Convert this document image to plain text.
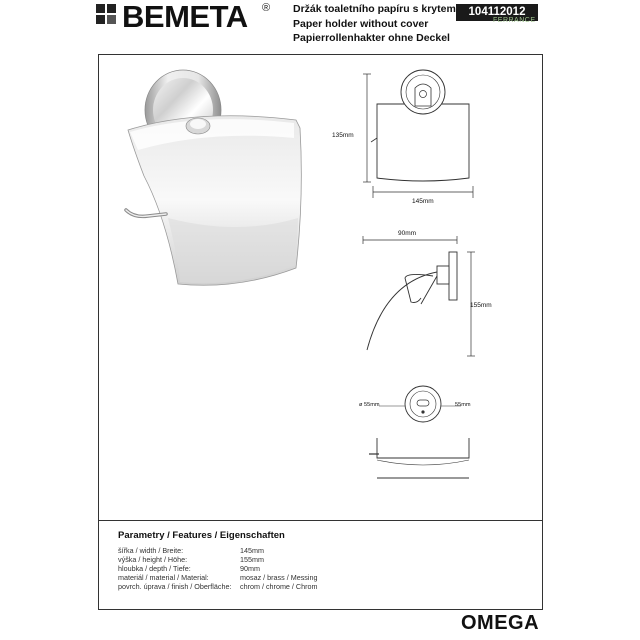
BEMETA ® Držák toaletního papíru s krytem
Paper holder without cover
Papierrollenhakter ohne Deckel
104112012
FERRANCE
135mm
145mm
90mm
155mm
ø 55mm	55mm
Parametry / Features / Eigenschaften
šířka / width / Breite:	145mm
výška / height / Höhe:	155mm
hloubka / depth / Tiefe:	90mm
materiál / material / Material:	mosaz / brass / Messing
povrch. úprava / finish / Oberfläche: chrom / chrome / Chrom
OMEGA
